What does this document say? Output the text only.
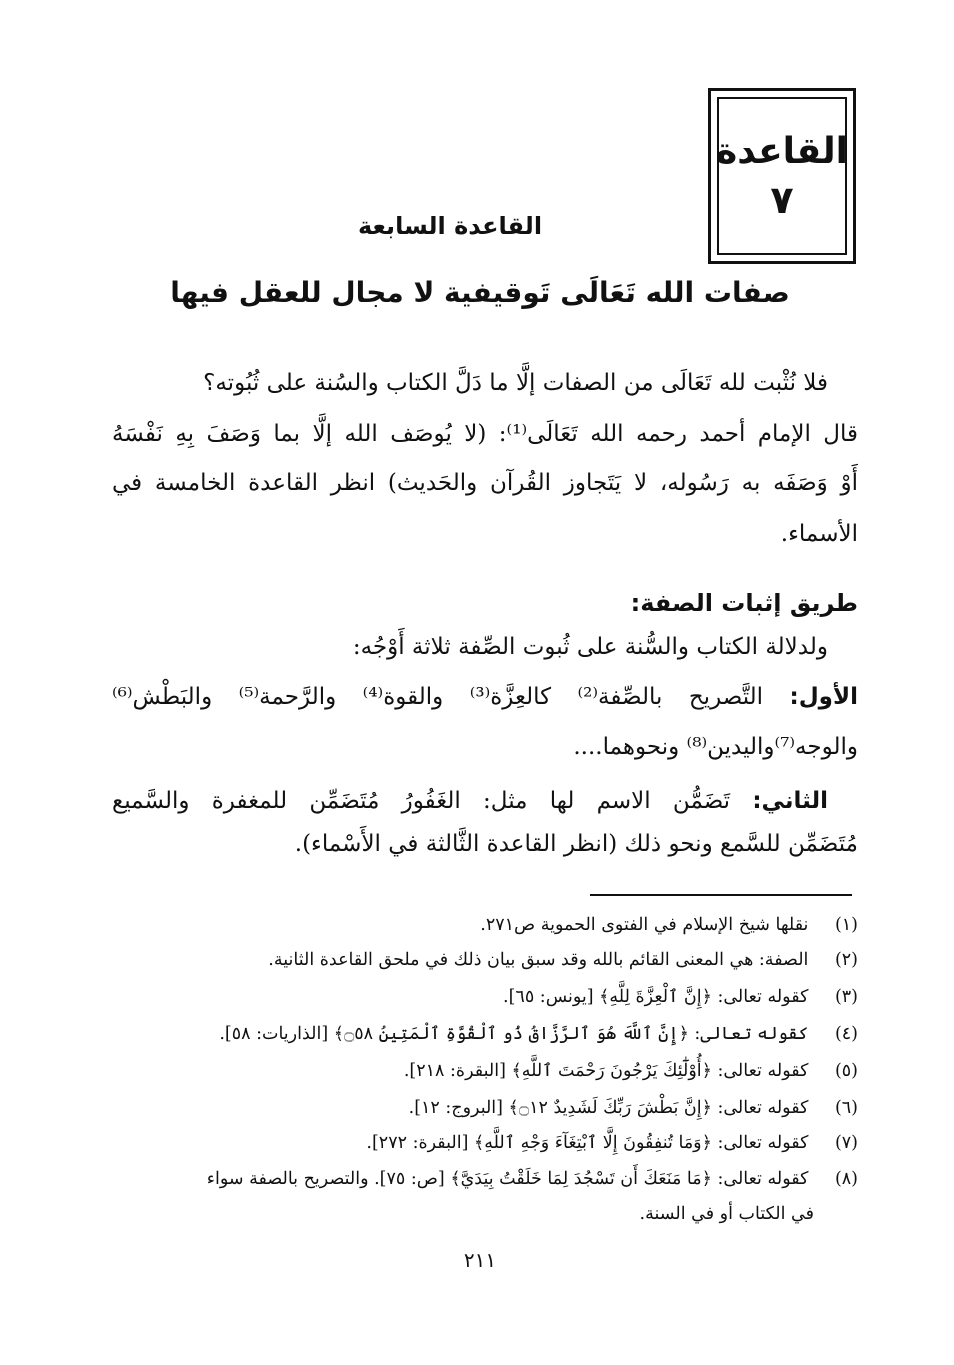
القاعدة
٧
القاعدة السابعة
صفات الله تَعَالَى تَوقيفية لا مجال للعقل فيها
فلا نُثْبت لله تَعَالَى من الصفات إلَّا ما دَلَّ الكتاب والسُنة على ثُبُوته؟
قال الإمام أحمد رحمه الله تَعَالَى⁽¹⁾: (لا يُوصَف الله إلَّا بما وَصَفَ بِهِ نَفْسَهُ
أَوْ وَصَفَه به رَسُوله، لا يَتَجاوز القُرآن والحَديث) انظر القاعدة الخامسة في
الأسماء.
طريق إثبات الصفة:
ولدلالة الكتاب والسُّنة على ثُبوت الصِّفة ثلاثة أَوْجُه:
الأول: التَّصريح بالصِّفة⁽²⁾ كالعِزَّة⁽³⁾ والقوة⁽⁴⁾ والرَّحمة⁽⁵⁾ والبَطْش⁽⁶⁾
والوجه⁽⁷⁾واليدين⁽⁸⁾ ونحوهما....
الثاني: تَضَمُّن الاسم لها مثل: الغَفُورُ مُتَضَمِّن للمغفرة والسَّميع
مُتَضَمِّن للسَّمع ونحو ذلك (انظر القاعدة الثَّالثة في الأَسْماء).
(١) نقلها شيخ الإسلام في الفتوى الحموية ص٢٧١.
(٢) الصفة: هي المعنى القائم بالله وقد سبق بيان ذلك في ملحق القاعدة الثانية.
(٣) كقوله تعالى: ﴿إِنَّ ٱلْعِزَّةَ لِلَّهِ﴾ [يونس: ٦٥].
(٤) كقوله تعالى: ﴿إِنَّ ٱللَّهَ هُوَ ٱلرَّزَّاقُ ذُو ٱلْقُوَّةِ ٱلْمَتِينُ ۝٥٨﴾ [الذاريات: ٥٨].
(٥) كقوله تعالى: ﴿أُوْلَٰٓئِكَ يَرْجُونَ رَحْمَتَ ٱللَّهِ﴾ [البقرة: ٢١٨].
(٦) كقوله تعالى: ﴿إِنَّ بَطْشَ رَبِّكَ لَشَدِيدٌ ۝١٢﴾ [البروج: ١٢].
(٧) كقوله تعالى: ﴿وَمَا تُنفِقُونَ إِلَّا ٱبْتِغَآءَ وَجْهِ ٱللَّهِ﴾ [البقرة: ٢٧٢].
(٨) كقوله تعالى: ﴿مَا مَنَعَكَ أَن تَسْجُدَ لِمَا خَلَقْتُ بِيَدَيَّ﴾ [ص: ٧٥]. والتصريح بالصفة سواء
في الكتاب أو في السنة.
٢١١
